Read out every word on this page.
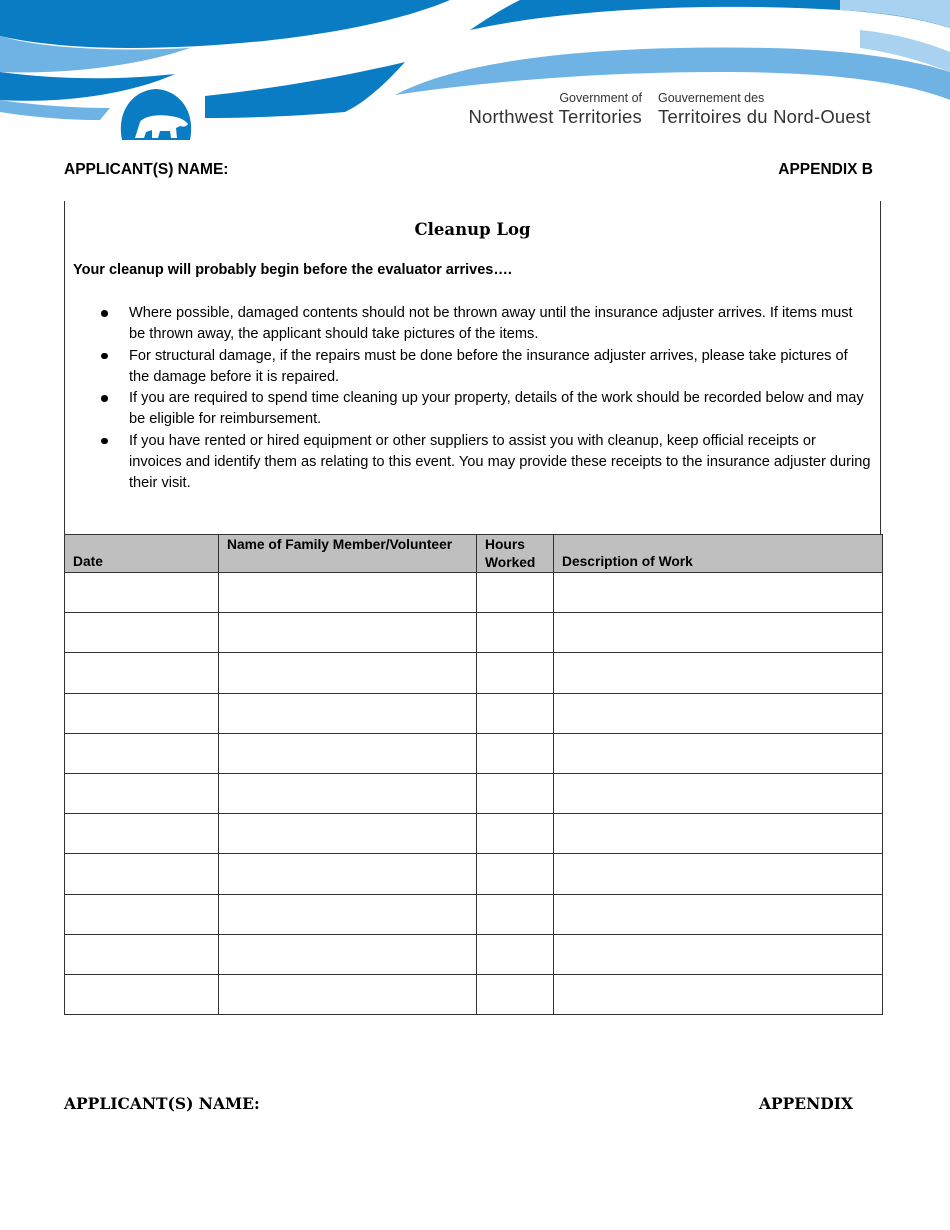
Government of
Northwest Territories
Gouvernement des
Territoires du Nord-Ouest
APPLICANT(S) NAME:	APPENDIX B
Cleanup Log
Your cleanup will probably begin before the evaluator arrives….
Where possible, damaged contents should not be thrown away until the insurance adjuster arrives. If items must be thrown away, the applicant should take pictures of the items.
For structural damage, if the repairs must be done before the insurance adjuster arrives, please take pictures of the damage before it is repaired.
If you are required to spend time cleaning up your property, details of the work should be recorded below and may be eligible for reimbursement.
If you have rented or hired equipment or other suppliers to assist you with cleanup, keep official receipts or invoices and identify them as relating to this event. You may provide these receipts to the insurance adjuster during their visit.
Date	Name of Family Member/Volunteer	Hours Worked	Description of Work

APPLICANT(S) NAME:	APPENDIX
